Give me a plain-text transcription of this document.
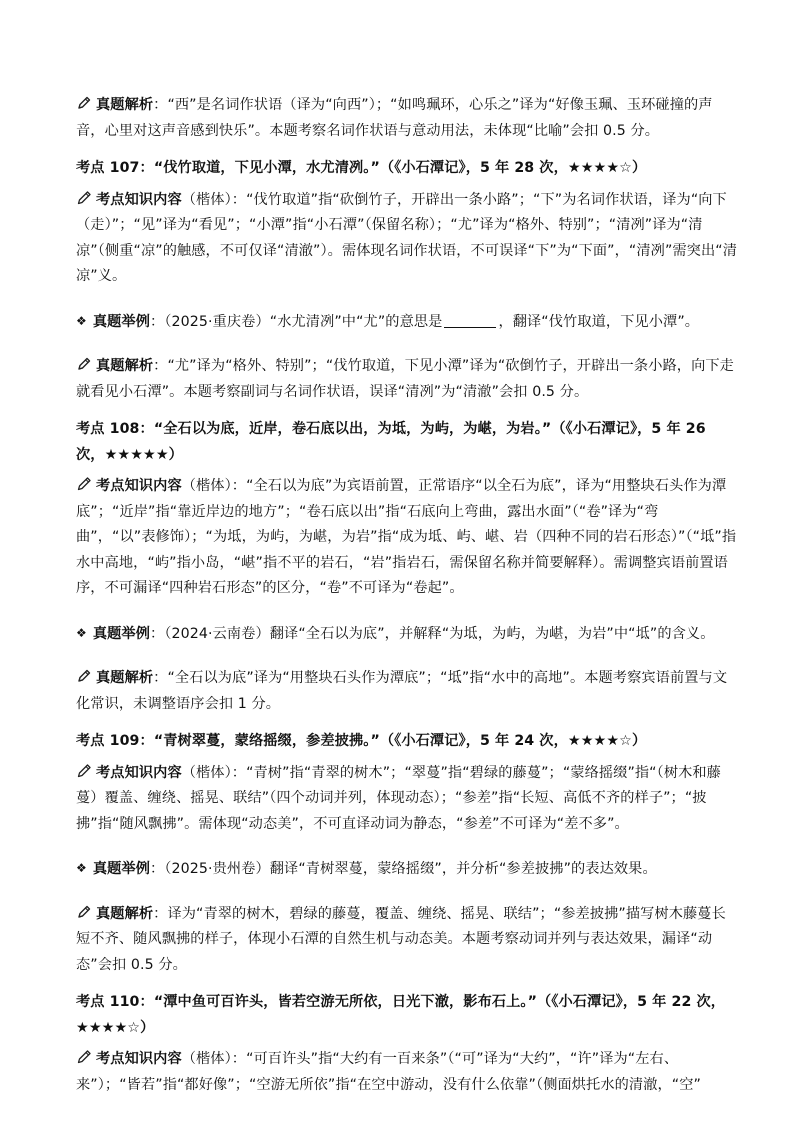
真题解析：“西”是名词作状语（译为“向西”）；“如鸣珮环，心乐之”译为“好像玉珮、玉环碰撞的声音，心里对这声音感到快乐”。本题考察名词作状语与意动用法，未体现“比喻”会扣 0.5 分。

考点 107：“伐竹取道，下见小潭，水尤清冽。”（《小石潭记》，5 年 28 次，★★★★☆）

考点知识内容（楷体）：“伐竹取道”指“砍倒竹子，开辟出一条小路”；“下”为名词作状语，译为“向下（走）”；“见”译为“看见”；“小潭”指“小石潭”（保留名称）；“尤”译为“格外、特别”；“清冽”译为“清凉”（侧重“凉”的触感，不可仅译“清澈”）。需体现名词作状语，不可误译“下”为“下面”，“清冽”需突出“清凉”义。

❖ 真题举例：（2025·重庆卷）“水尤清冽”中“尤”的意思是	，翻译“伐竹取道，下见小潭”。

真题解析：“尤”译为“格外、特别”；“伐竹取道，下见小潭”译为“砍倒竹子，开辟出一条小路，向下走就看见小石潭”。本题考察副词与名词作状语，误译“清冽”为“清澈”会扣 0.5 分。

考点 108：“全石以为底，近岸，卷石底以出，为坻，为屿，为嵁，为岩。”（《小石潭记》，5 年 26 次，★★★★★）

考点知识内容（楷体）：“全石以为底”为宾语前置，正常语序“以全石为底”，译为“用整块石头作为潭底”；“近岸”指“靠近岸边的地方”；“卷石底以出”指“石底向上弯曲，露出水面”（“卷”译为“弯曲”，“以”表修饰）；“为坻，为屿，为嵁，为岩”指“成为坻、屿、嵁、岩（四种不同的岩石形态）”（“坻”指水中高地，“屿”指小岛，“嵁”指不平的岩石，“岩”指岩石，需保留名称并简要解释）。需调整宾语前置语序，不可漏译“四种岩石形态”的区分，“卷”不可译为“卷起”。

❖ 真题举例：（2024·云南卷）翻译“全石以为底”，并解释“为坻，为屿，为嵁，为岩”中“坻”的含义。

真题解析：“全石以为底”译为“用整块石头作为潭底”；“坻”指“水中的高地”。本题考察宾语前置与文化常识，未调整语序会扣 1 分。

考点 109：“青树翠蔓，蒙络摇缀，参差披拂。”（《小石潭记》，5 年 24 次，★★★★☆）

考点知识内容（楷体）：“青树”指“青翠的树木”；“翠蔓”指“碧绿的藤蔓”；“蒙络摇缀”指“（树木和藤蔓）覆盖、缠绕、摇晃、联结”（四个动词并列，体现动态）；“参差”指“长短、高低不齐的样子”；“披拂”指“随风飘拂”。需体现“动态美”，不可直译动词为静态，“参差”不可译为“差不多”。

❖ 真题举例：（2025·贵州卷）翻译“青树翠蔓，蒙络摇缀”，并分析“参差披拂”的表达效果。

真题解析：译为“青翠的树木，碧绿的藤蔓，覆盖、缠绕、摇晃、联结”；“参差披拂”描写树木藤蔓长短不齐、随风飘拂的样子，体现小石潭的自然生机与动态美。本题考察动词并列与表达效果，漏译“动态”会扣 0.5 分。

考点 110：“潭中鱼可百许头，皆若空游无所依，日光下澈，影布石上。”（《小石潭记》，5 年 22 次，★★★★☆）

考点知识内容（楷体）：“可百许头”指“大约有一百来条”（“可”译为“大约”，“许”译为“左右、来”）；“皆若”指“都好像”；“空游无所依”指“在空中游动，没有什么依靠”（侧面烘托水的清澈，“空”
